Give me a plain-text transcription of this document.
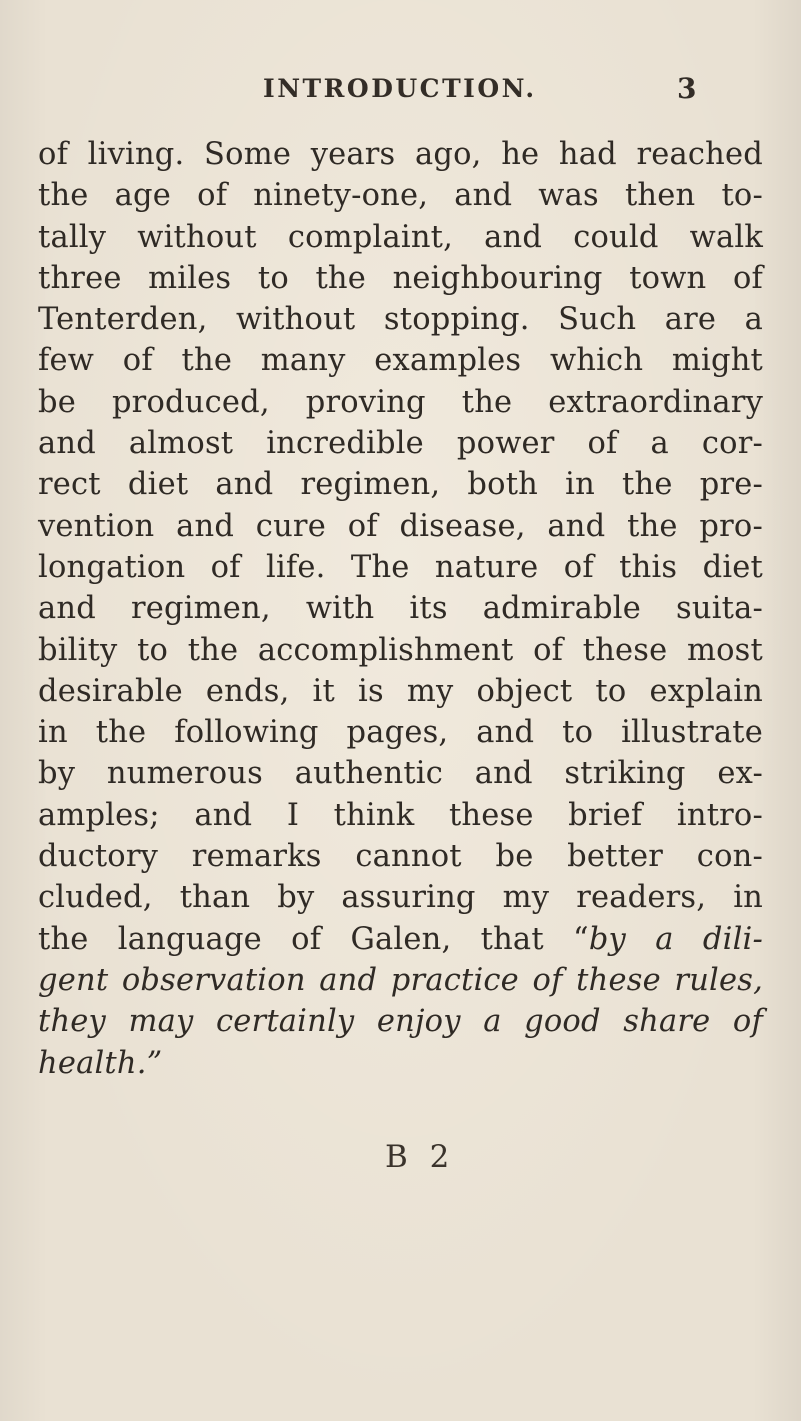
INTRODUCTION.	3
of living. Some years ago, he had reached
the age of ninety-one, and was then to-
tally without complaint, and could walk
three miles to the neighbouring town of
Tenterden, without stopping. Such are a
few of the many examples which might
be produced, proving the extraordinary
and almost incredible power of a cor-
rect diet and regimen, both in the pre-
vention and cure of disease, and the pro-
longation of life. The nature of this diet
and regimen, with its admirable suita-
bility to the accomplishment of these most
desirable ends, it is my object to explain
in the following pages, and to illustrate
by numerous authentic and striking ex-
amples; and I think these brief intro-
ductory remarks cannot be better con-
cluded, than by assuring my readers, in
the language of Galen, that “by a dili-
gent observation and practice of these rules,
they may certainly enjoy a good share of
health.”
B 2
